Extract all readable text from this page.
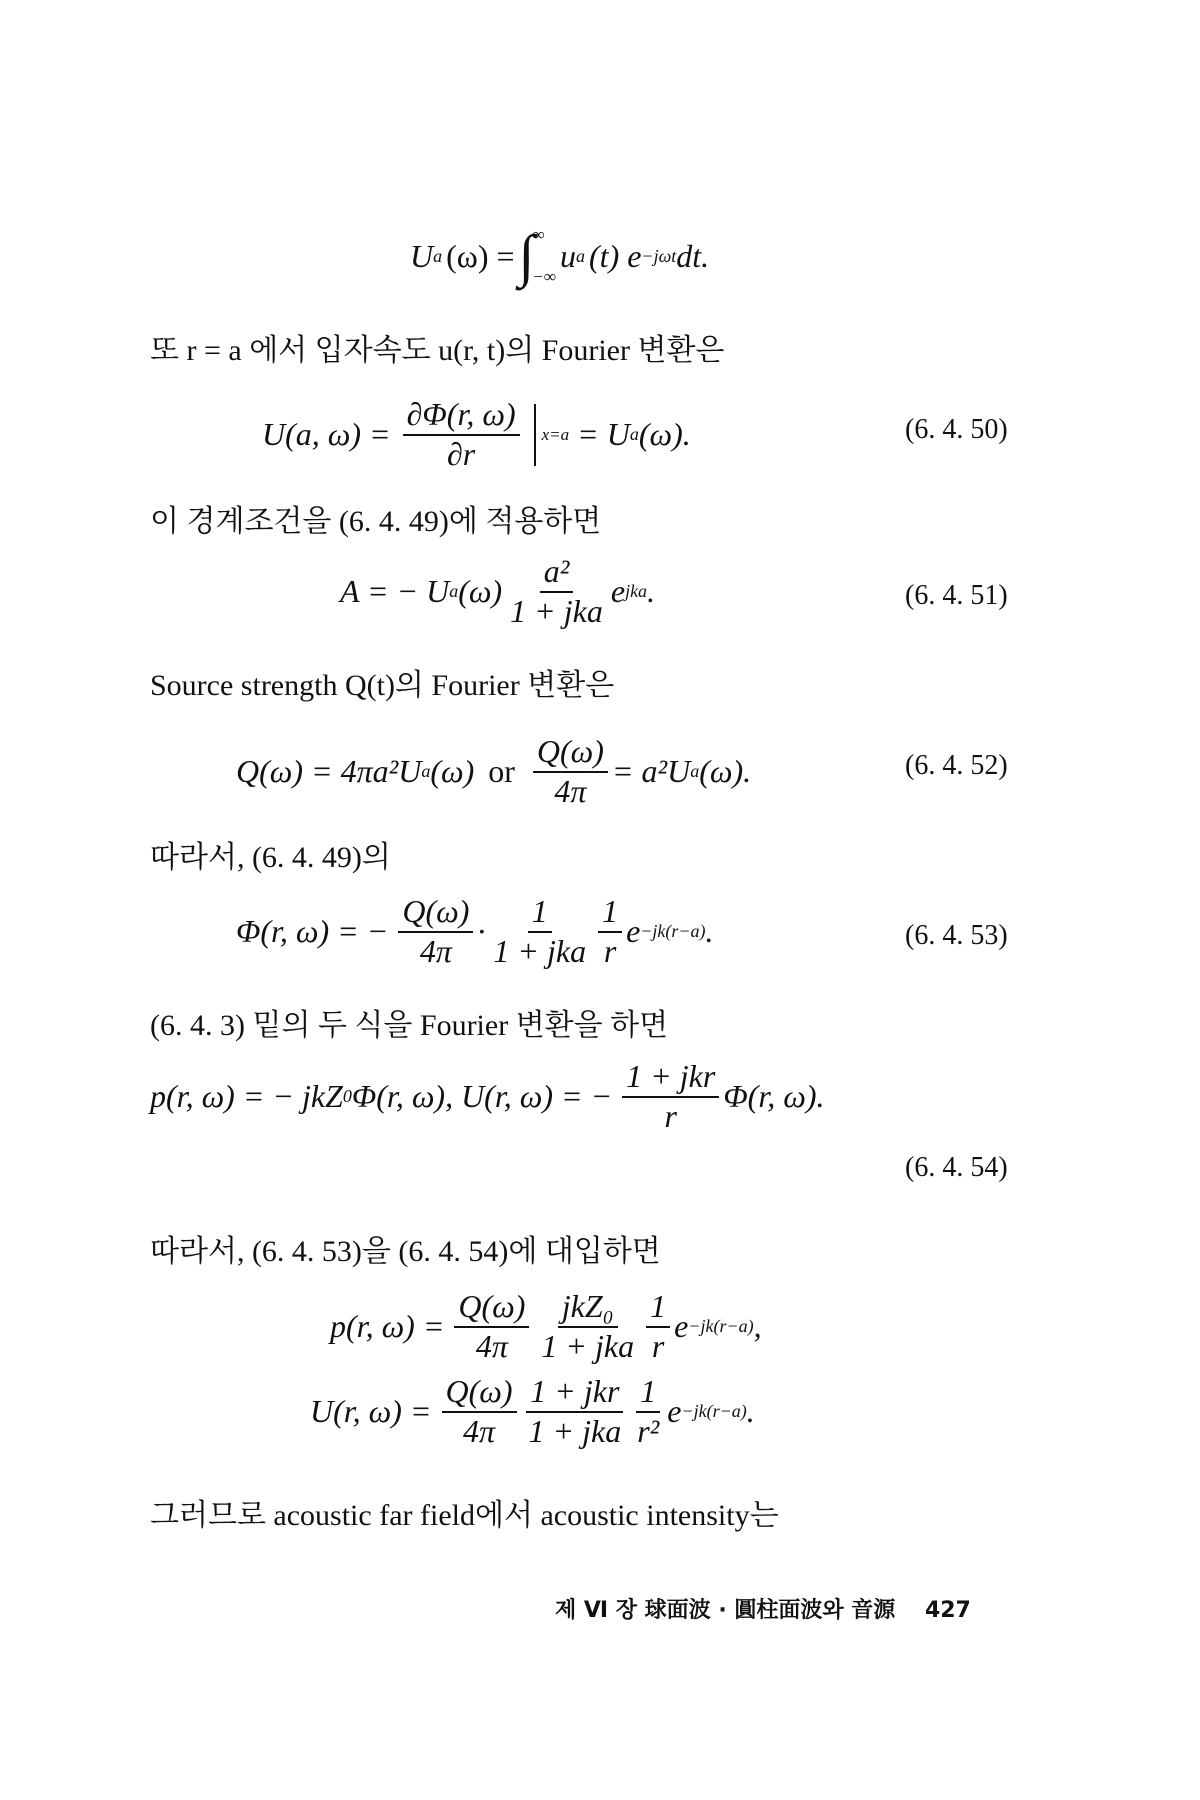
U a (ω) = ∫
∞
−∞
u a (t) e −jωt dt.
또 r = a 에서 입자속도 u(r, t)의 Fourier 변환은
U(a, $\omega) = \frac{\partial\Phi(r, \omega)}{\partial r} x=a = U$ a (ω).	(6. 4. 50)
이 경계조건을 (6. 4. 49)에 적용하면
A = − U a $(\omega) \frac{\text{a²}}{\text{1 + jka}}$ e jka .	(6. 4. 51)
Source strength Q(t)의 Fourier 변환은
Q(ω) = 4πa²U a (ω) or $\frac{Q(\omega)}{4\pi} = a^2U$ a (ω).	(6. 4. 52)
따라서, (6. 4. 49)의
Φ(r, ω) = − $\frac{Q(\omega)}{4\pi} \cdot \frac{1}{\text{1 + jka}} \frac{1}{r}$ e −jk(r−a) .	(6. 4. 53)
(6. 4. 3) 밑의 두 식을 Fourier 변환을 하면
p(r, ω) = − jkZ 0 Φ(r, ω), U(r, ω) = − $\frac{\text{1 + jkr}}{r} \Phi(r$, ω).
(6. 4. 54)
따라서, (6. 4. 53)을 (6. 4. 54)에 대입하면
p(r, $\omega) = \frac{Q(\omega)}{4\pi} \frac{\text{jkZ₀}}{\text{1 + jka}} \frac{1}{r}$ e −jk(r−a) ,
U(r, $\omega) = \frac{Q(\omega)}{4\pi} \frac{\text{1 + jkr}}{\text{1 + jka}} \frac{1}{\text{r²}}$ e −jk(r−a) .
그러므로 acoustic far field에서 acoustic intensity는
제 Ⅵ 장 球面波 · 圓柱面波와 音源 427
